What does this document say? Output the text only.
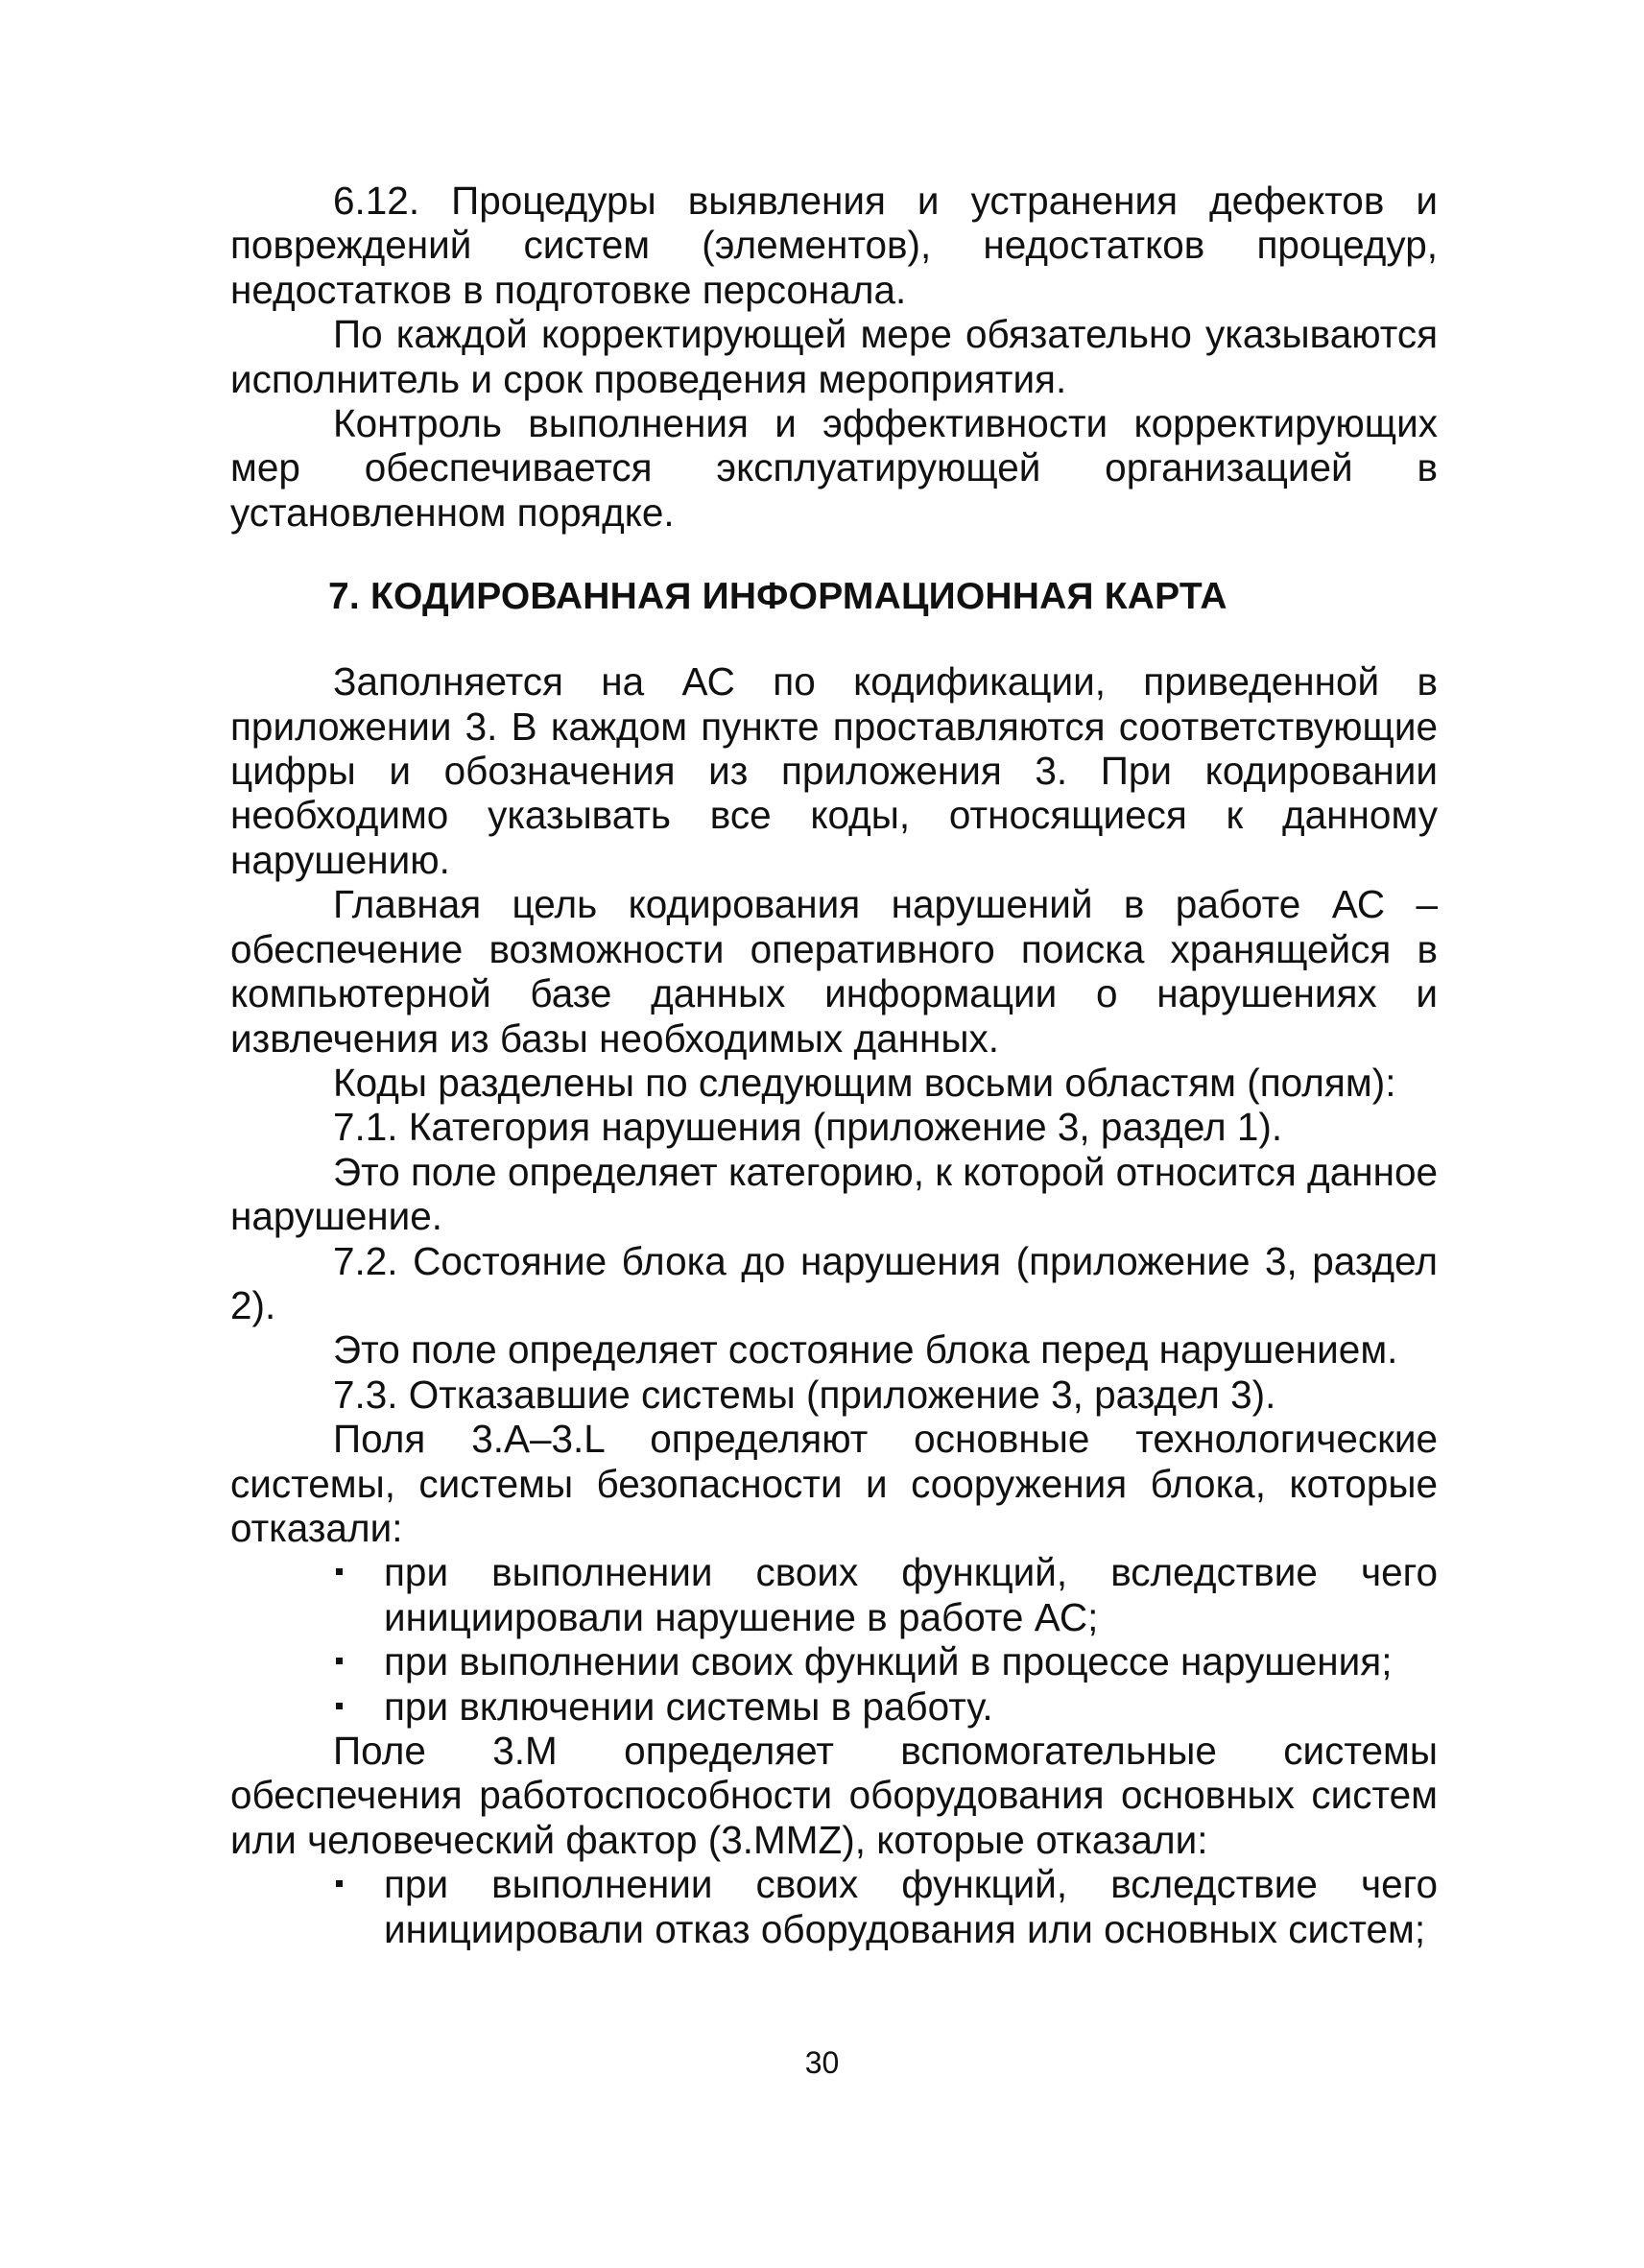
6.12. Процедуры выявления и устранения дефектов и повреждений систем (элементов), недостатков процедур, недостатков в подготовке персонала.

По каждой корректирующей мере обязательно указываются исполнитель и срок проведения мероприятия.

Контроль выполнения и эффективности корректирующих мер обеспечивается эксплуатирующей организацией в установленном порядке.

7. КОДИРОВАННАЯ ИНФОРМАЦИОННАЯ КАРТА

Заполняется на АС по кодификации, приведенной в приложении 3. В каждом пункте проставляются соответствующие цифры и обозначения из приложения 3. При кодировании необходимо указывать все коды, относящиеся к данному нарушению.

Главная цель кодирования нарушений в работе АС – обеспечение возможности оперативного поиска хранящейся в компьютерной базе данных информации о нарушениях и извлечения из базы необходимых данных.

Коды разделены по следующим восьми областям (полям):

7.1. Категория нарушения (приложение 3, раздел 1).

Это поле определяет категорию, к которой относится данное нарушение.

7.2. Состояние блока до нарушения (приложение 3, раздел 2).

Это поле определяет состояние блока перед нарушением.

7.3. Отказавшие системы (приложение 3, раздел 3).

Поля 3.A–3.L определяют основные технологические системы, системы безопасности и сооружения блока, которые отказали:

при выполнении своих функций, вследствие чего инициировали нарушение в работе АС;
при выполнении своих функций в процессе нарушения;
при включении системы в работу.

Поле 3.M определяет вспомогательные системы обеспечения работоспособности оборудования основных систем или человеческий фактор (3.MMZ), которые отказали:

при выполнении своих функций, вследствие чего инициировали отказ оборудования или основных систем;
30
